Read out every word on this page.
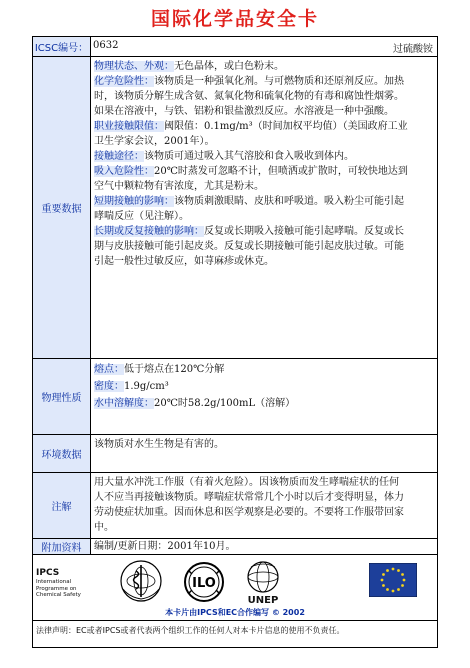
国际化学品安全卡
ICSC编号： 0632	过硫酸铵
重要数据

物理状态、外观：无色晶体，或白色粉末。

化学危险性：该物质是一种强氧化剂。与可燃物质和还原剂反应。加热

时，该物质分解生成含氨、氮氧化物和硫氧化物的有毒和腐蚀性烟雾。

如果在溶液中，与铁、铝粉和银盐激烈反应。水溶液是一种中强酸。

职业接触限值：阈限值：0.1mg/m³（时间加权平均值）（美国政府工业

卫生学家会议，2001年）。

接触途径：该物质可通过吸入其气溶胶和食入吸收到体内。

吸入危险性：20℃时蒸发可忽略不计，但喷洒或扩散时，可较快地达到

空气中颗粒物有害浓度，尤其是粉末。

短期接触的影响：该物质刺激眼睛、皮肤和呼吸道。吸入粉尘可能引起

哮喘反应（见注解）。

长期或反复接触的影响：反复或长期吸入接触可能引起哮喘。反复或长

期与皮肤接触可能引起皮炎。反复或长期接触可能引起皮肤过敏。可能

引起一般性过敏反应，如荨麻疹或休克。

物理性质

熔点：低于熔点在120℃分解

密度：1.9g/cm³

水中溶解度：20℃时58.2g/100mL（溶解）

环境数据

该物质对水生生物是有害的。

注解

用大量水冲洗工作服（有着火危险）。因该物质而发生哮喘症状的任何

人不应当再接触该物质。哮喘症状常常几个小时以后才变得明显，体力

劳动使症状加重。因而休息和医学观察是必要的。不要将工作服带回家

中。

附加资料	编制/更新日期：2001年10月。

IPCS
International
Programme on
Chemical Safety
ILO
UNEP
本卡片由IPCS和EC合作编写 © 2002
法律声明：EC或者IPCS或者代表两个组织工作的任何人对本卡片信息的使用不负责任。
